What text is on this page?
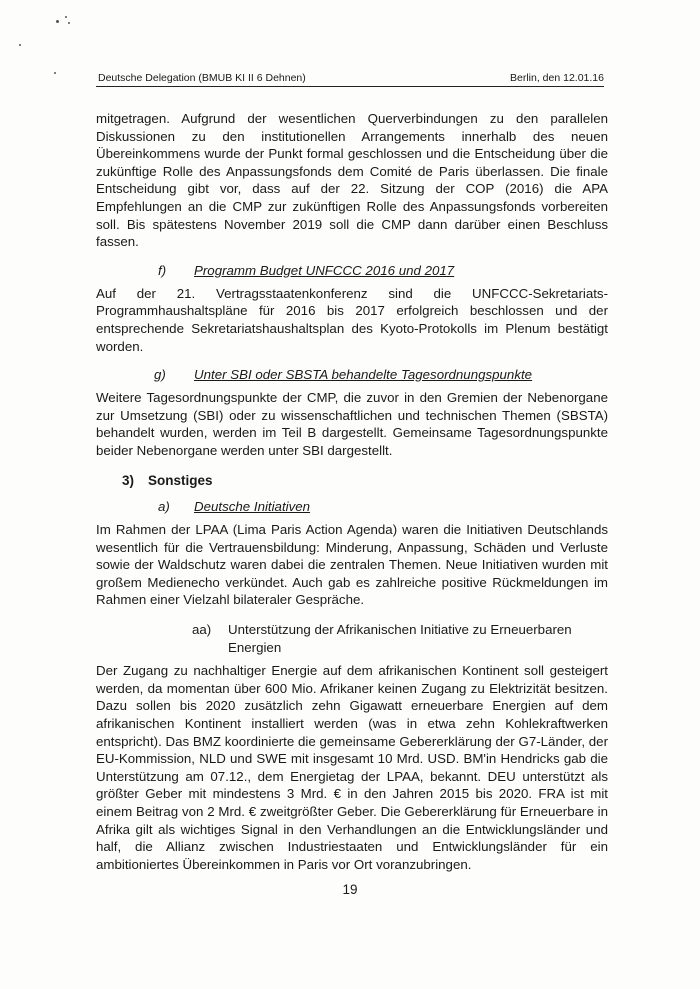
Deutsche Delegation (BMUB KI II 6 Dehnen)	Berlin, den 12.01.16

mitgetragen. Aufgrund der wesentlichen Querverbindungen zu den parallelen Diskussionen zu den institutionellen Arrangements innerhalb des neuen Übereinkommens wurde der Punkt formal geschlossen und die Entscheidung über die zukünftige Rolle des Anpassungsfonds dem Comité de Paris überlassen. Die finale Entscheidung gibt vor, dass auf der 22. Sitzung der COP (2016) die APA Empfehlungen an die CMP zur zukünftigen Rolle des Anpassungsfonds vorbereiten soll. Bis spätestens November 2019 soll die CMP dann darüber einen Beschluss fassen.

f) Programm Budget UNFCCC 2016 und 2017

Auf der 21. Vertragsstaatenkonferenz sind die UNFCCC-Sekretariats-Programmhaushaltspläne für 2016 bis 2017 erfolgreich beschlossen und der entsprechende Sekretariatshaushaltsplan des Kyoto-Protokolls im Plenum bestätigt worden.

g) Unter SBI oder SBSTA behandelte Tagesordnungspunkte

Weitere Tagesordnungspunkte der CMP, die zuvor in den Gremien der Nebenorgane zur Umsetzung (SBI) oder zu wissenschaftlichen und technischen Themen (SBSTA) behandelt wurden, werden im Teil B dargestellt. Gemeinsame Tagesordnungspunkte beider Nebenorgane werden unter SBI dargestellt.

3) Sonstiges

a) Deutsche Initiativen

Im Rahmen der LPAA (Lima Paris Action Agenda) waren die Initiativen Deutschlands wesentlich für die Vertrauensbildung: Minderung, Anpassung, Schäden und Verluste sowie der Waldschutz waren dabei die zentralen Themen. Neue Initiativen wurden mit großem Medienecho verkündet. Auch gab es zahlreiche positive Rückmeldungen im Rahmen einer Vielzahl bilateraler Gespräche.

aa)	Unterstützung der Afrikanischen Initiative zu Erneuerbaren Energien

Der Zugang zu nachhaltiger Energie auf dem afrikanischen Kontinent soll gesteigert werden, da momentan über 600 Mio. Afrikaner keinen Zugang zu Elektrizität besitzen. Dazu sollen bis 2020 zusätzlich zehn Gigawatt erneuerbare Energien auf dem afrikanischen Kontinent installiert werden (was in etwa zehn Kohlekraftwerken entspricht). Das BMZ koordinierte die gemeinsame Gebererklärung der G7-Länder, der EU-Kommission, NLD und SWE mit insgesamt 10 Mrd. USD. BM'in Hendricks gab die Unterstützung am 07.12., dem Energietag der LPAA, bekannt. DEU unterstützt als größter Geber mit mindestens 3 Mrd. € in den Jahren 2015 bis 2020. FRA ist mit einem Beitrag von 2 Mrd. € zweitgrößter Geber. Die Gebererklärung für Erneuerbare in Afrika gilt als wichtiges Signal in den Verhandlungen an die Entwicklungsländer und half, die Allianz zwischen Industriestaaten und Entwicklungsländer für ein ambitioniertes Übereinkommen in Paris vor Ort voranzubringen.

19
